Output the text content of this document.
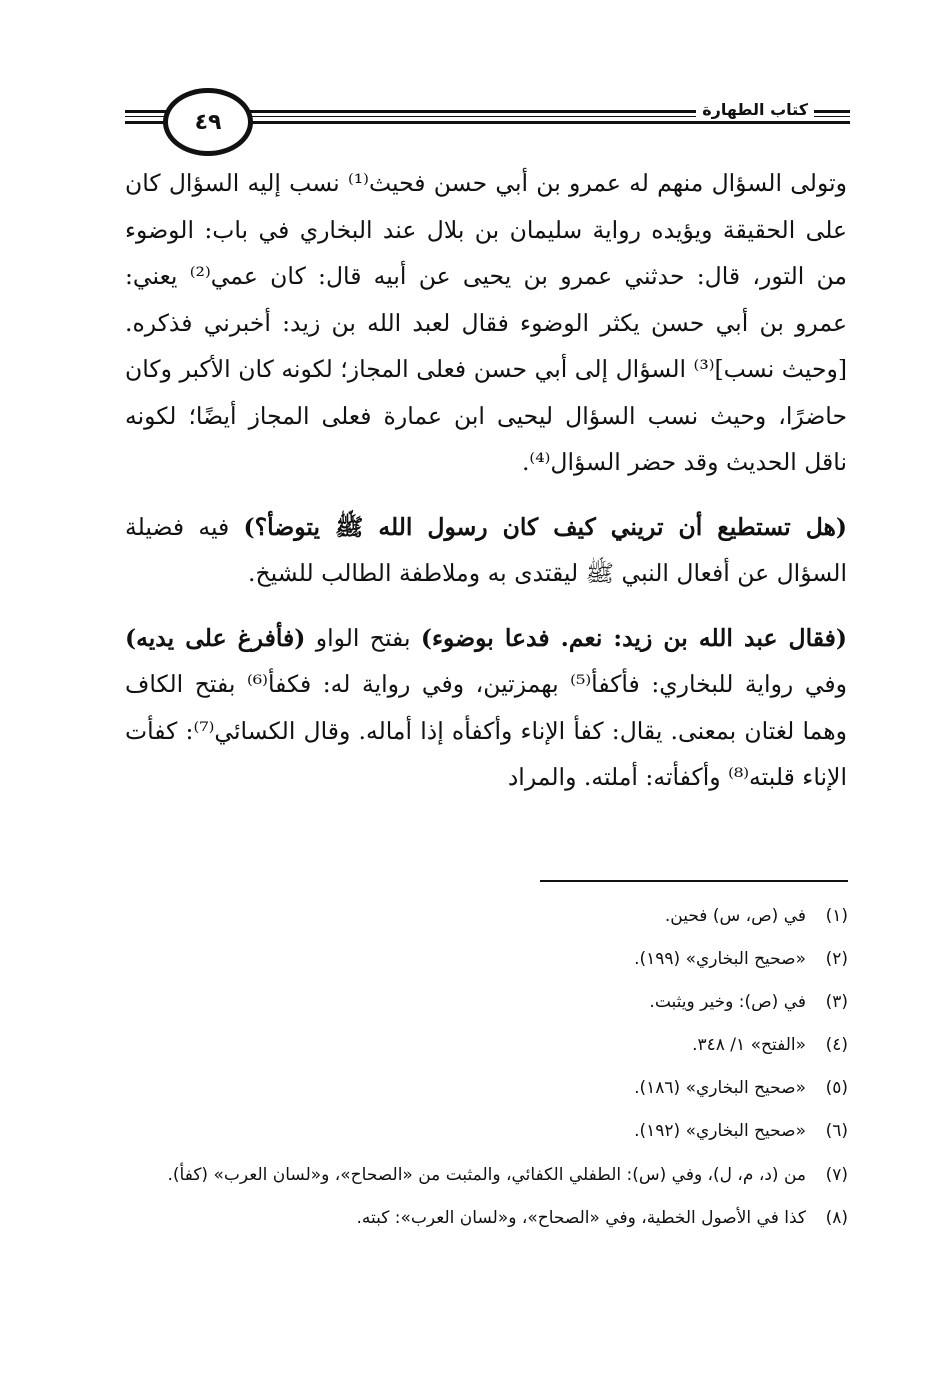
٤٩	كتاب الطهارة

وتولى السؤال منهم له عمرو بن أبي حسن فحيث⁽¹⁾ نسب إليه السؤال كان على الحقيقة ويؤيده رواية سليمان بن بلال عند البخاري في باب: الوضوء من التور، قال: حدثني عمرو بن يحيى عن أبيه قال: كان عمي⁽²⁾ يعني: عمرو بن أبي حسن يكثر الوضوء فقال لعبد الله بن زيد: أخبرني فذكره. [وحيث نسب]⁽³⁾ السؤال إلى أبي حسن فعلى المجاز؛ لكونه كان الأكبر وكان حاضرًا، وحيث نسب السؤال ليحيى ابن عمارة فعلى المجاز أيضًا؛ لكونه ناقل الحديث وقد حضر السؤال⁽⁴⁾.

(هل تستطيع أن تريني كيف كان رسول الله ﷺ يتوضأ؟) فيه فضيلة السؤال عن أفعال النبي ﷺ ليقتدى به وملاطفة الطالب للشيخ.

(فقال عبد الله بن زيد: نعم. فدعا بوضوء) بفتح الواو (فأفرغ على يديه) وفي رواية للبخاري: فأكفأ⁽⁵⁾ بهمزتين، وفي رواية له: فكفأ⁽⁶⁾ بفتح الكاف وهما لغتان بمعنى. يقال: كفأ الإناء وأكفأه إذا أماله. وقال الكسائي⁽⁷⁾: كفأت الإناء قلبته⁽⁸⁾ وأكفأته: أملته. والمراد

(١)
في (ص، س) فحين.
(٢)
«صحيح البخاري» (١٩٩).
(٣)
في (ص): وخير ويثبت.
(٤)
«الفتح» ١/ ٣٤٨.
(٥)
«صحيح البخاري» (١٨٦).
(٦)
«صحيح البخاري» (١٩٢).
(٧)
من (د، م، ل)، وفي (س): الطفلي الكفائي، والمثبت من «الصحاح»، و«لسان العرب» (كفأ).
(٨)
كذا في الأصول الخطية، وفي «الصحاح»، و«لسان العرب»: كبته.
